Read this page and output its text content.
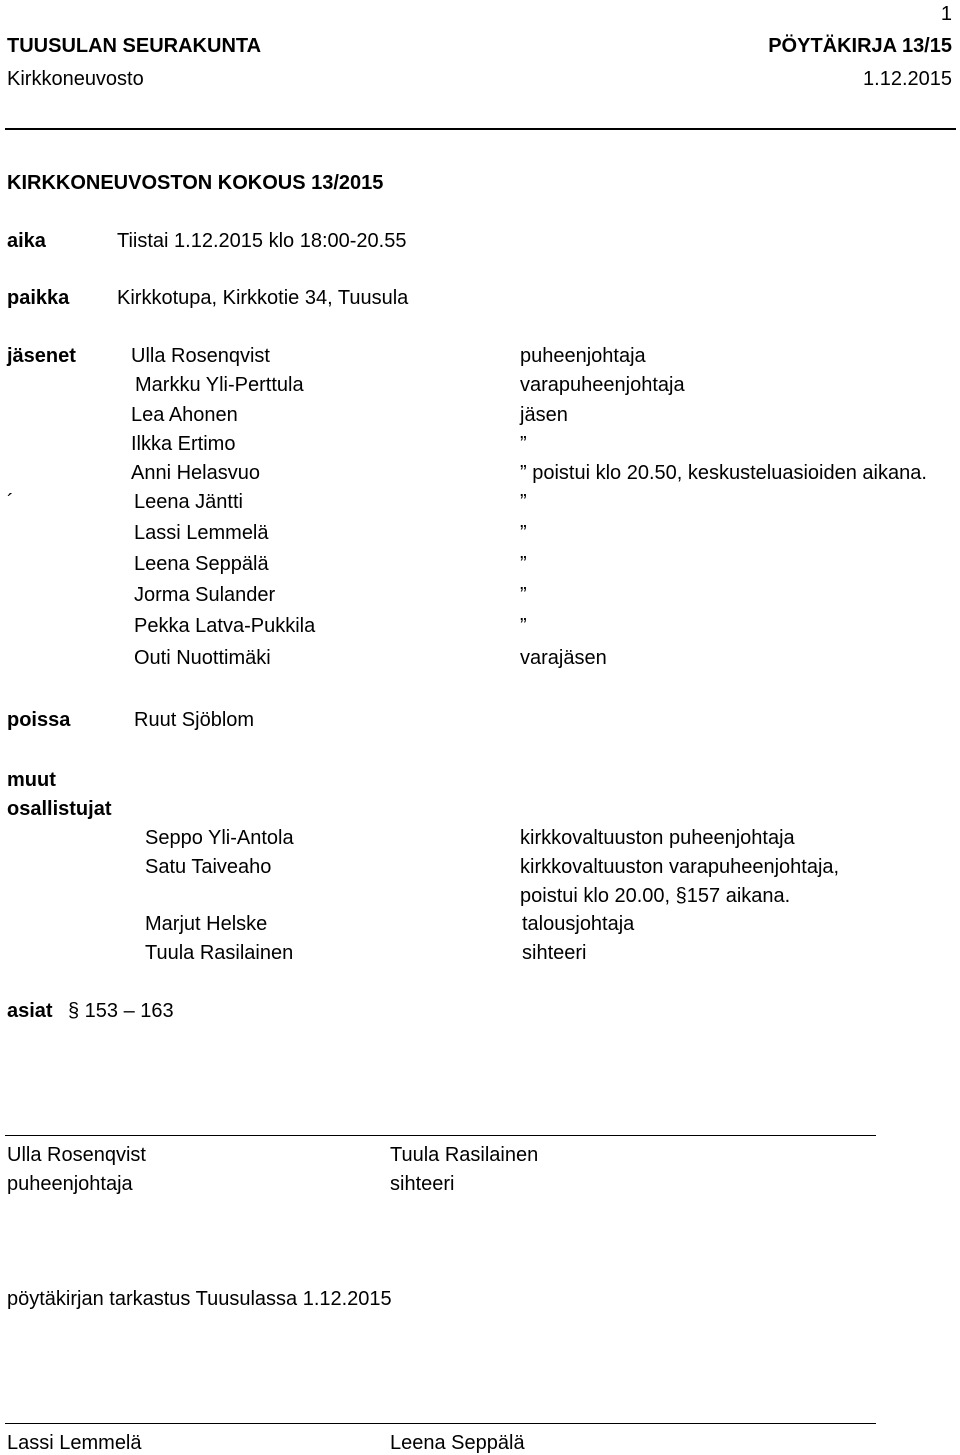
1
TUUSULAN SEURAKUNTA	PÖYTÄKIRJA 13/15
Kirkkoneuvosto	1.12.2015
KIRKKONEUVOSTON KOKOUS 13/2015
aika	Tiistai 1.12.2015 klo 18:00-20.55
paikka Kirkkotupa, Kirkkotie 34, Tuusula
jäsenet	Ulla Rosenqvist	puheenjohtaja
Markku Yli-Perttula	varapuheenjohtaja
Lea Ahonen	jäsen
Ilkka Ertimo	”
Anni Helasvuo	” poistui klo 20.50, keskusteluasioiden aikana.
´	Leena Jäntti	”
Lassi Lemmelä	”
Leena Seppälä	”
Jorma Sulander	”
Pekka Latva-Pukkila	”
Outi Nuottimäki	varajäsen
poissa	Ruut Sjöblom
muut
osallistujat
Seppo Yli-Antola	kirkkovaltuuston puheenjohtaja
Satu Taiveaho	kirkkovaltuuston varapuheenjohtaja,
poistui klo 20.00, §157 aikana.
Marjut Helske	talousjohtaja
Tuula Rasilainen	sihteeri
asiat § 153 – 163
Ulla Rosenqvist	Tuula Rasilainen
puheenjohtaja	sihteeri
pöytäkirjan tarkastus Tuusulassa 1.12.2015
Lassi Lemmelä	Leena Seppälä
